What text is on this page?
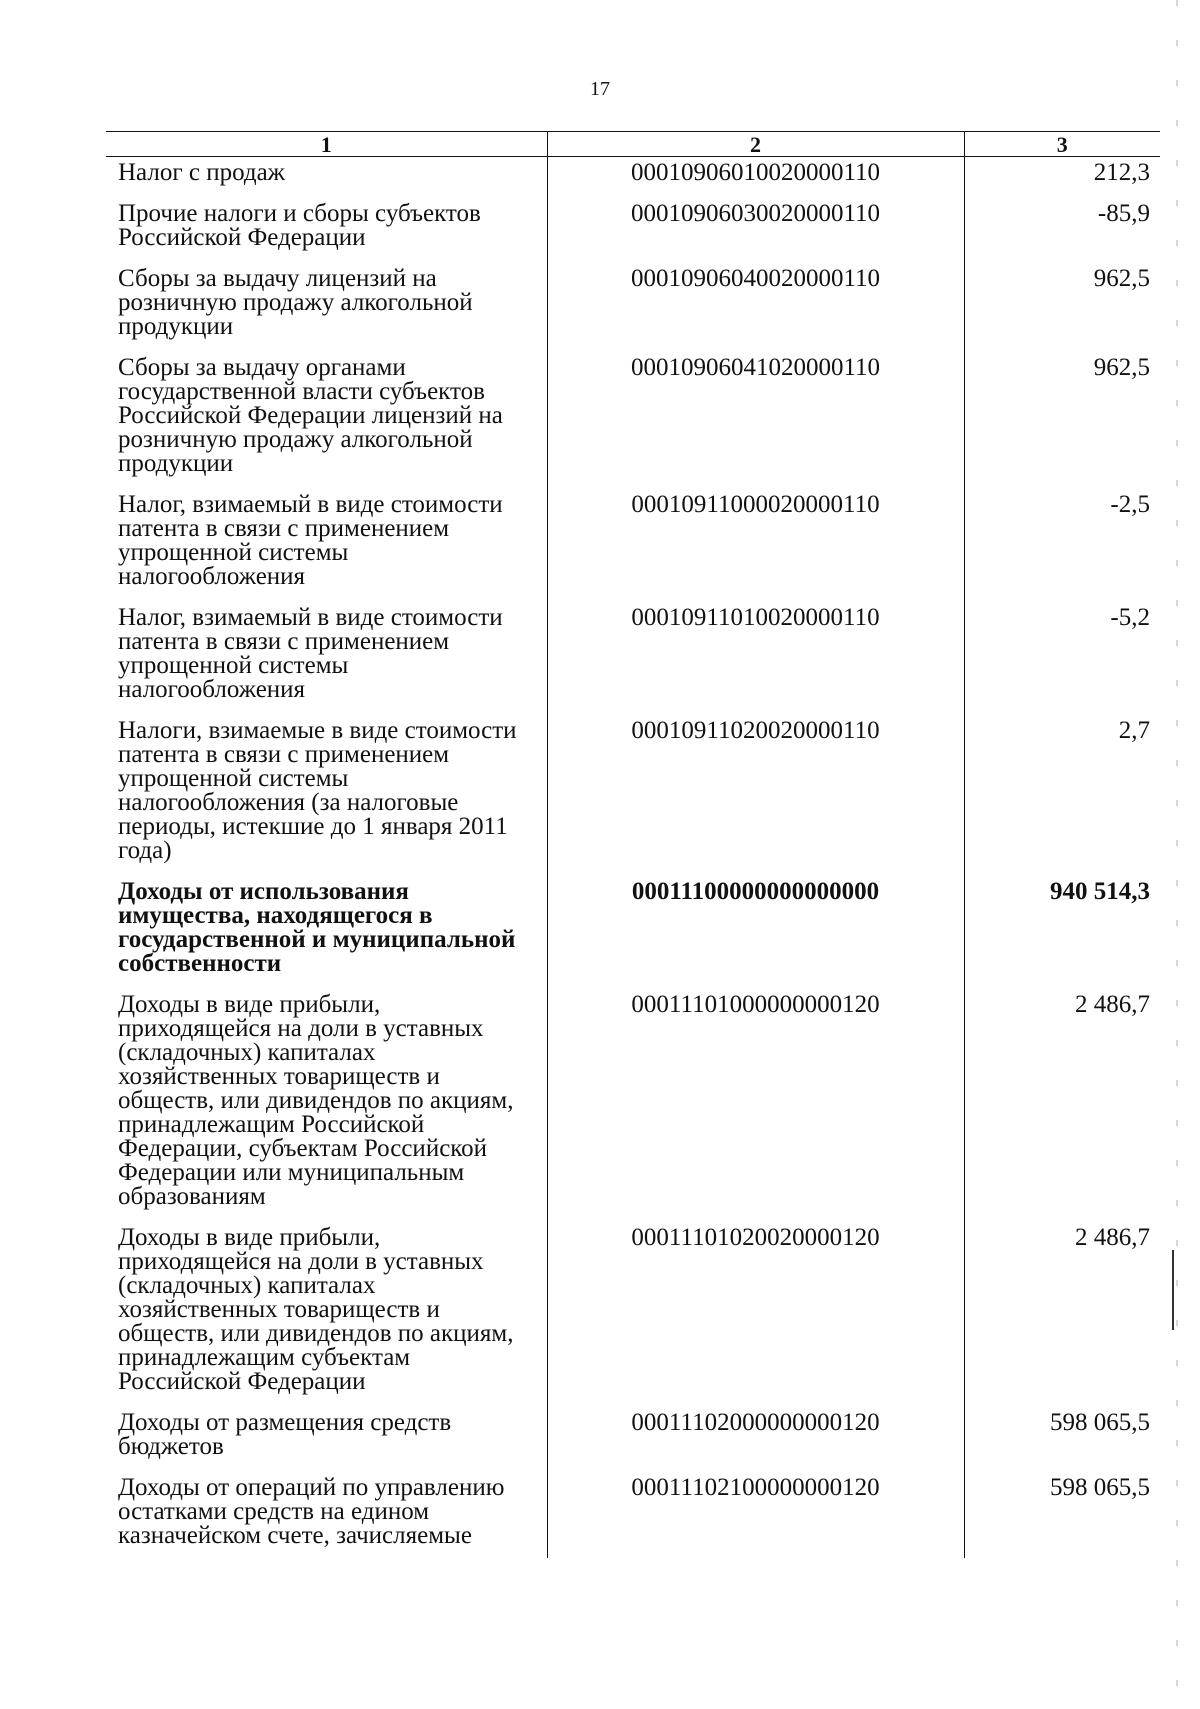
17
1	2	3
Налог с продаж	00010906010020000110	212,3
Прочие налоги и сборы субъектов Российской Федерации	00010906030020000110	-85,9
Сборы за выдачу лицензий на розничную продажу алкогольной продукции	00010906040020000110	962,5
Сборы за выдачу органами государственной власти субъектов Российской Федерации лицензий на розничную продажу алкогольной продукции	00010906041020000110	962,5
Налог, взимаемый в виде стоимости патента в связи с применением упрощенной системы налогообложения	00010911000020000110	-2,5
Налог, взимаемый в виде стоимости патента в связи с применением упрощенной системы налогообложения	00010911010020000110	-5,2
Налоги, взимаемые в виде стоимости патента в связи с применением упрощенной системы налогообложения (за налоговые периоды, истекшие до 1 января 2011 года)	00010911020020000110	2,7
Доходы от использования имущества, находящегося в государственной и муниципальной собственности	00011100000000000000	940 514,3
Доходы в виде прибыли, приходящейся на доли в уставных (складочных) капиталах хозяйственных товариществ и обществ, или дивидендов по акциям, принадлежащим Российской Федерации, субъектам Российской Федерации или муниципальным образованиям	00011101000000000120	2 486,7
Доходы в виде прибыли, приходящейся на доли в уставных (складочных) капиталах хозяйственных товариществ и обществ, или дивидендов по акциям, принадлежащим субъектам Российской Федерации	00011101020020000120	2 486,7
Доходы от размещения средств бюджетов	00011102000000000120	598 065,5
Доходы от операций по управлению остатками средств на едином казначейском счете, зачисляемые	00011102100000000120	598 065,5
